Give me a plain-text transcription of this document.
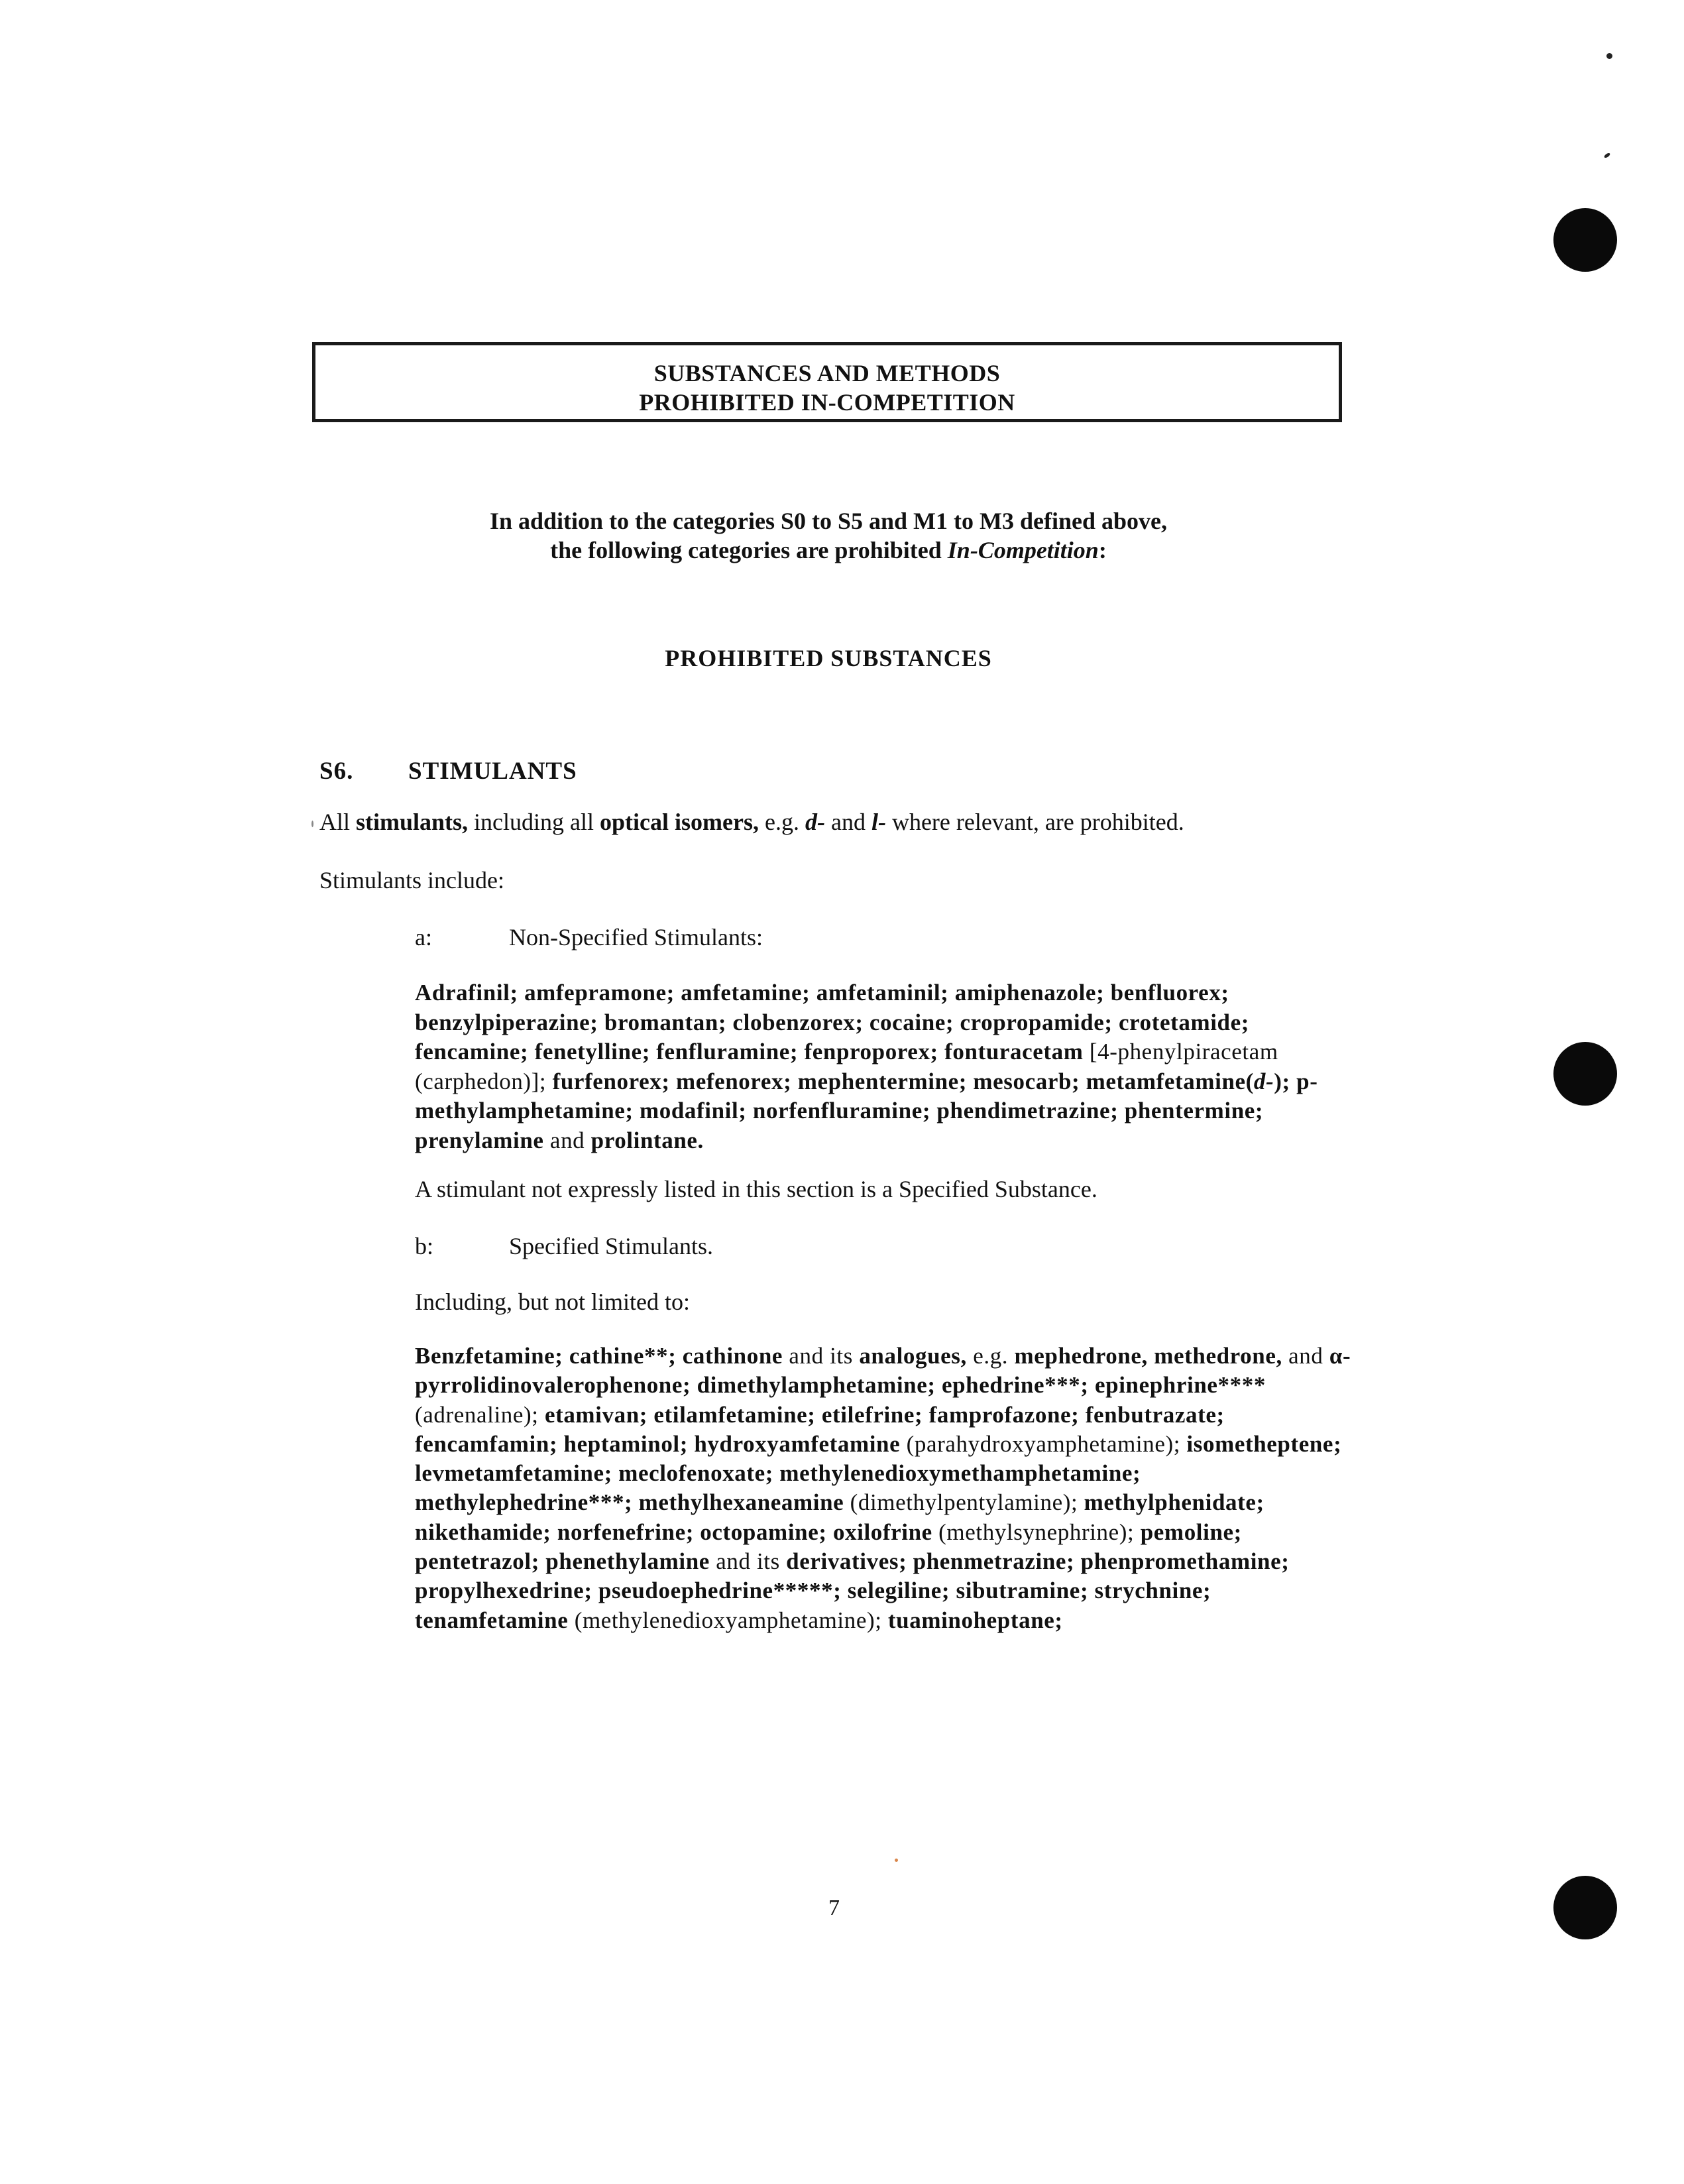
SUBSTANCES AND METHODS
PROHIBITED IN-COMPETITION
In addition to the categories S0 to S5 and M1 to M3 defined above,
the following categories are prohibited In-Competition:
PROHIBITED SUBSTANCES
S6. STIMULANTS
All stimulants, including all optical isomers, e.g. d- and l- where relevant, are prohibited.
Stimulants include:
a:	Non-Specified Stimulants:
Adrafinil; amfepramone; amfetamine; amfetaminil; amiphenazole; benfluorex; benzylpiperazine; bromantan; clobenzorex; cocaine; cropropamide; crotetamide; fencamine; fenetylline; fenfluramine; fenproporex; fonturacetam [4-phenylpiracetam (carphedon)]; furfenorex; mefenorex; mephentermine; mesocarb; metamfetamine(d-); p-methylamphetamine; modafinil; norfenfluramine; phendimetrazine; phentermine; prenylamine and prolintane.
A stimulant not expressly listed in this section is a Specified Substance.
b:	Specified Stimulants.
Including, but not limited to:
Benzfetamine; cathine**; cathinone and its analogues, e.g. mephedrone, methedrone, and α- pyrrolidinovalerophenone; dimethylamphetamine; ephedrine***; epinephrine**** (adrenaline); etamivan; etilamfetamine; etilefrine; famprofazone; fenbutrazate; fencamfamin; heptaminol; hydroxyamfetamine (parahydroxyamphetamine); isometheptene; levmetamfetamine; meclofenoxate; methylenedioxymethamphetamine; methylephedrine***; methylhexaneamine (dimethylpentylamine); methylphenidate; nikethamide; norfenefrine; octopamine; oxilofrine (methylsynephrine); pemoline; pentetrazol; phenethylamine and its derivatives; phenmetrazine; phenpromethamine; propylhexedrine; pseudoephedrine*****; selegiline; sibutramine; strychnine; tenamfetamine (methylenedioxyamphetamine); tuaminoheptane;
7
